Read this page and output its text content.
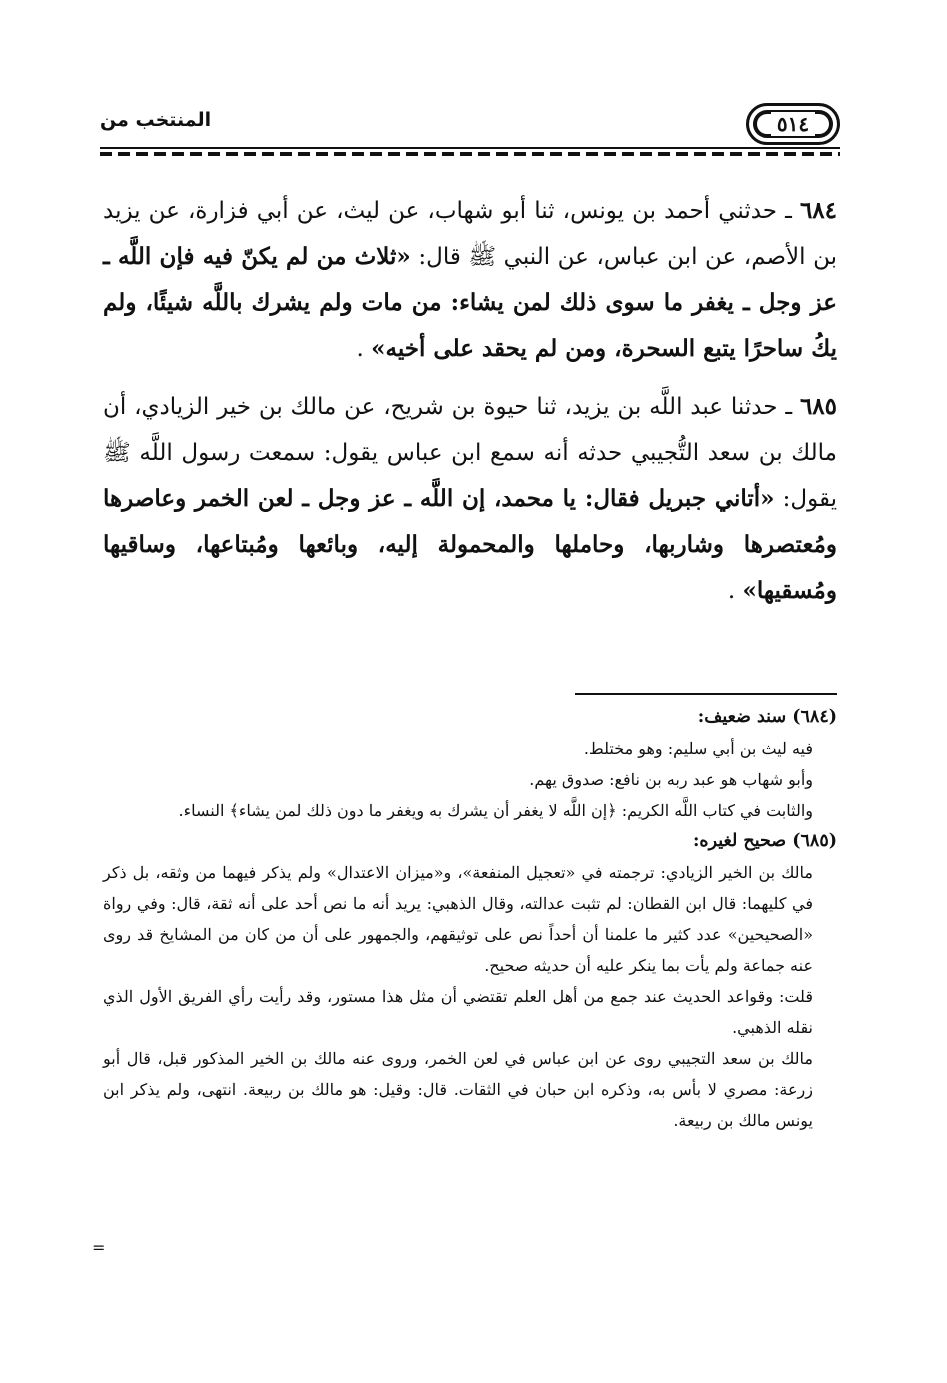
٥١٤
المنتخب من

٦٨٤ ـ حدثني أحمد بن يونس، ثنا أبو شهاب، عن ليث، عن أبي فزارة، عن يزيد بن الأصم، عن ابن عباس، عن النبي ﷺ قال: «ثلاث من لم يكنّ فيه فإن اللَّه ـ عز وجل ـ يغفر ما سوى ذلك لمن يشاء: من مات ولم يشرك باللَّه شيئًا، ولم يكُ ساحرًا يتبع السحرة، ومن لم يحقد على أخيه» .

٦٨٥ ـ حدثنا عبد اللَّه بن يزيد، ثنا حيوة بن شريح، عن مالك بن خير الزيادي، أن مالك بن سعد التُّجيبي حدثه أنه سمع ابن عباس يقول: سمعت رسول اللَّه ﷺ يقول: «أتاني جبريل فقال: يا محمد، إن اللَّه ـ عز وجل ـ لعن الخمر وعاصرها ومُعتصرها وشاربها، وحاملها والمحمولة إليه، وبائعها ومُبتاعها، وساقيها ومُسقيها» .

(٦٨٤) سند ضعيف:

فيه ليث بن أبي سليم: وهو مختلط.

وأبو شهاب هو عبد ربه بن نافع: صدوق يهم.

والثابت في كتاب اللَّه الكريم: ﴿إن اللَّه لا يغفر أن يشرك به ويغفر ما دون ذلك لمن يشاء﴾ النساء.

(٦٨٥) صحيح لغيره:

مالك بن الخير الزيادي: ترجمته في «تعجيل المنفعة»، و«ميزان الاعتدال» ولم يذكر فيهما من وثقه، بل ذكر في كليهما: قال ابن القطان: لم تثبت عدالته، وقال الذهبي: يريد أنه ما نص أحد على أنه ثقة، قال: وفي رواة «الصحيحين» عدد كثير ما علمنا أن أحداً نص على توثيقهم، والجمهور على أن من كان من المشايخ قد روى عنه جماعة ولم يأت بما ينكر عليه أن حديثه صحيح.

قلت: وقواعد الحديث عند جمع من أهل العلم تقتضي أن مثل هذا مستور، وقد رأيت رأي الفريق الأول الذي نقله الذهبي.

مالك بن سعد التجيبي روى عن ابن عباس في لعن الخمر، وروى عنه مالك بن الخير المذكور قبل، قال أبو زرعة: مصري لا بأس به، وذكره ابن حبان في الثقات. قال: وقيل: هو مالك بن ربيعة. انتهى، ولم يذكر ابن يونس مالك بن ربيعة.

=
